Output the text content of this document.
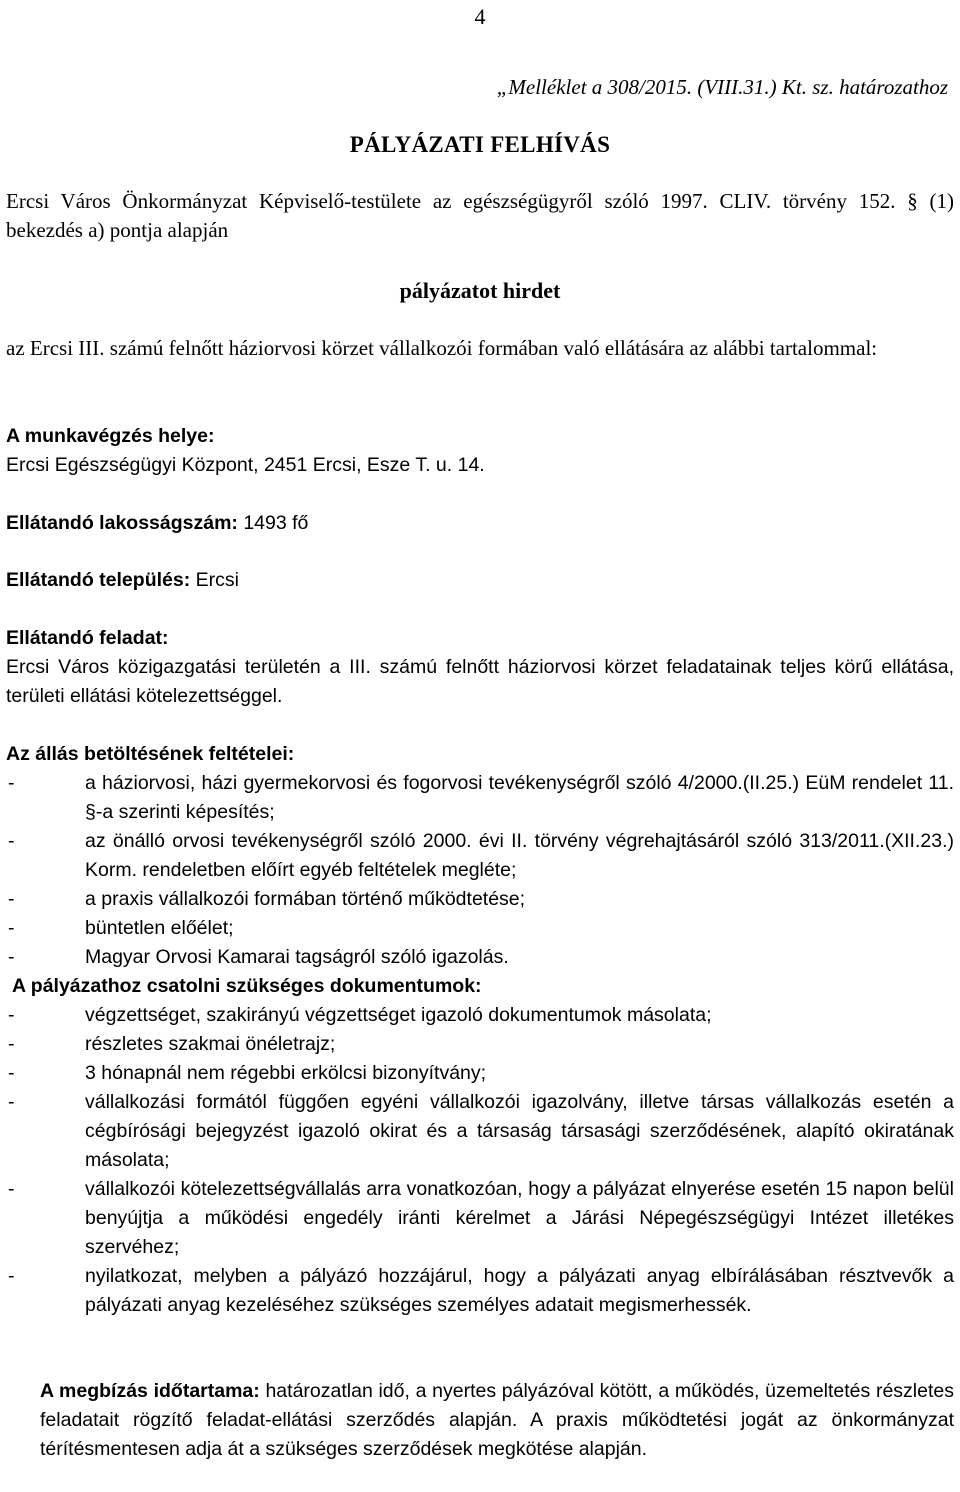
4
„Melléklet a 308/2015. (VIII.31.) Kt. sz. határozathoz
PÁLYÁZATI FELHÍVÁS
Ercsi Város Önkormányzat Képviselő-testülete az egészségügyről szóló 1997. CLIV. törvény 152. § (1) bekezdés a) pontja alapján
pályázatot hirdet
az Ercsi III. számú felnőtt háziorvosi körzet vállalkozói formában való ellátására az alábbi tartalommal:
A munkavégzés helye:
Ercsi Egészségügyi Központ, 2451 Ercsi, Esze T. u. 14.
Ellátandó lakosságszám: 1493 fő
Ellátandó település: Ercsi
Ellátandó feladat:
Ercsi Város közigazgatási területén a III. számú felnőtt háziorvosi körzet feladatainak teljes körű ellátása, területi ellátási kötelezettséggel.
Az állás betöltésének feltételei:
-	a háziorvosi, házi gyermekorvosi és fogorvosi tevékenységről szóló 4/2000.(II.25.) EüM rendelet 11. §-a szerinti képesítés;
-	az önálló orvosi tevékenységről szóló 2000. évi II. törvény végrehajtásáról szóló 313/2011.(XII.23.) Korm. rendeletben előírt egyéb feltételek megléte;
-	a praxis vállalkozói formában történő működtetése;
-	büntetlen előélet;
-	Magyar Orvosi Kamarai tagságról szóló igazolás.
A pályázathoz csatolni szükséges dokumentumok:
-	végzettséget, szakirányú végzettséget igazoló dokumentumok másolata;
-	részletes szakmai önéletrajz;
-	3 hónapnál nem régebbi erkölcsi bizonyítvány;
-	vállalkozási formától függően egyéni vállalkozói igazolvány, illetve társas vállalkozás esetén a cégbírósági bejegyzést igazoló okirat és a társaság társasági szerződésének, alapító okiratának másolata;
-	vállalkozói kötelezettségvállalás arra vonatkozóan, hogy a pályázat elnyerése esetén 15 napon belül benyújtja a működési engedély iránti kérelmet a Járási Népegészségügyi Intézet illetékes szervéhez;
-	nyilatkozat, melyben a pályázó hozzájárul, hogy a pályázati anyag elbírálásában résztvevők a pályázati anyag kezeléséhez szükséges személyes adatait megismerhessék.
A megbízás időtartama: határozatlan idő, a nyertes pályázóval kötött, a működés, üzemeltetés részletes feladatait rögzítő feladat-ellátási szerződés alapján. A praxis működtetési jogát az önkormányzat térítésmentesen adja át a szükséges szerződések megkötése alapján.
